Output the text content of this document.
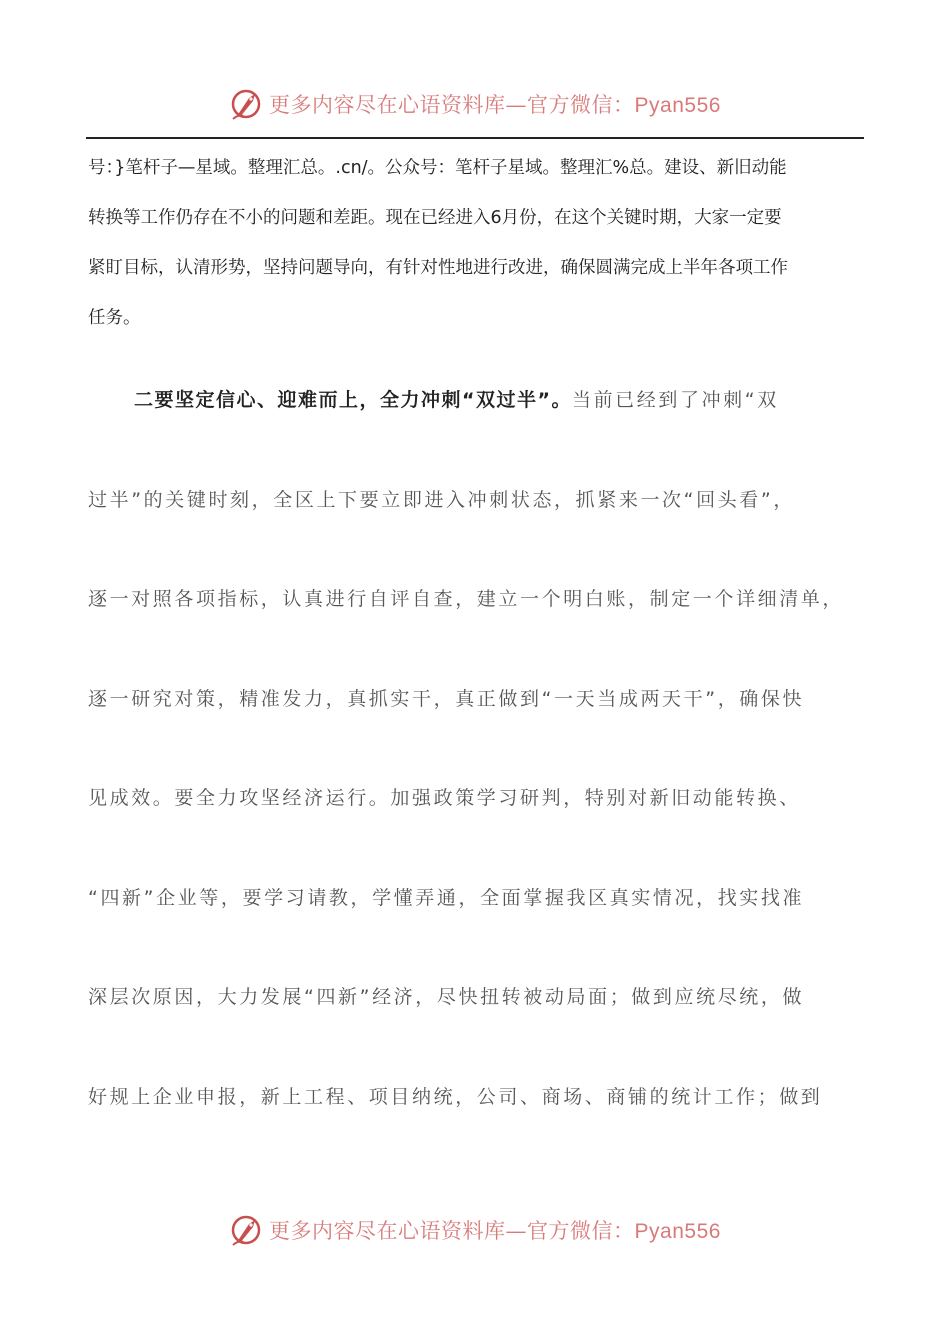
更多内容尽在心语资料库—官方微信：Pyan556
号：}笔杆子—星域。整理汇总。.cn/。公众号：笔杆子星域。整理汇%总。建设、新旧动能
转换等工作仍存在不小的问题和差距。现在已经进入6月份，在这个关键时期，大家一定要
紧盯目标，认清形势，坚持问题导向，有针对性地进行改进，确保圆满完成上半年各项工作
任务。
二要坚定信心、迎难而上，全力冲刺“双过半”。当前已经到了冲刺“双
过半”的关键时刻，全区上下要立即进入冲刺状态，抓紧来一次“回头看”，
逐一对照各项指标，认真进行自评自查，建立一个明白账，制定一个详细清单，
逐一研究对策，精准发力，真抓实干，真正做到“一天当成两天干”，确保快
见成效。要全力攻坚经济运行。加强政策学习研判，特别对新旧动能转换、
“四新”企业等，要学习请教，学懂弄通，全面掌握我区真实情况，找实找准
深层次原因，大力发展“四新”经济，尽快扭转被动局面；做到应统尽统，做
好规上企业申报，新上工程、项目纳统，公司、商场、商铺的统计工作；做到
更多内容尽在心语资料库—官方微信：Pyan556
